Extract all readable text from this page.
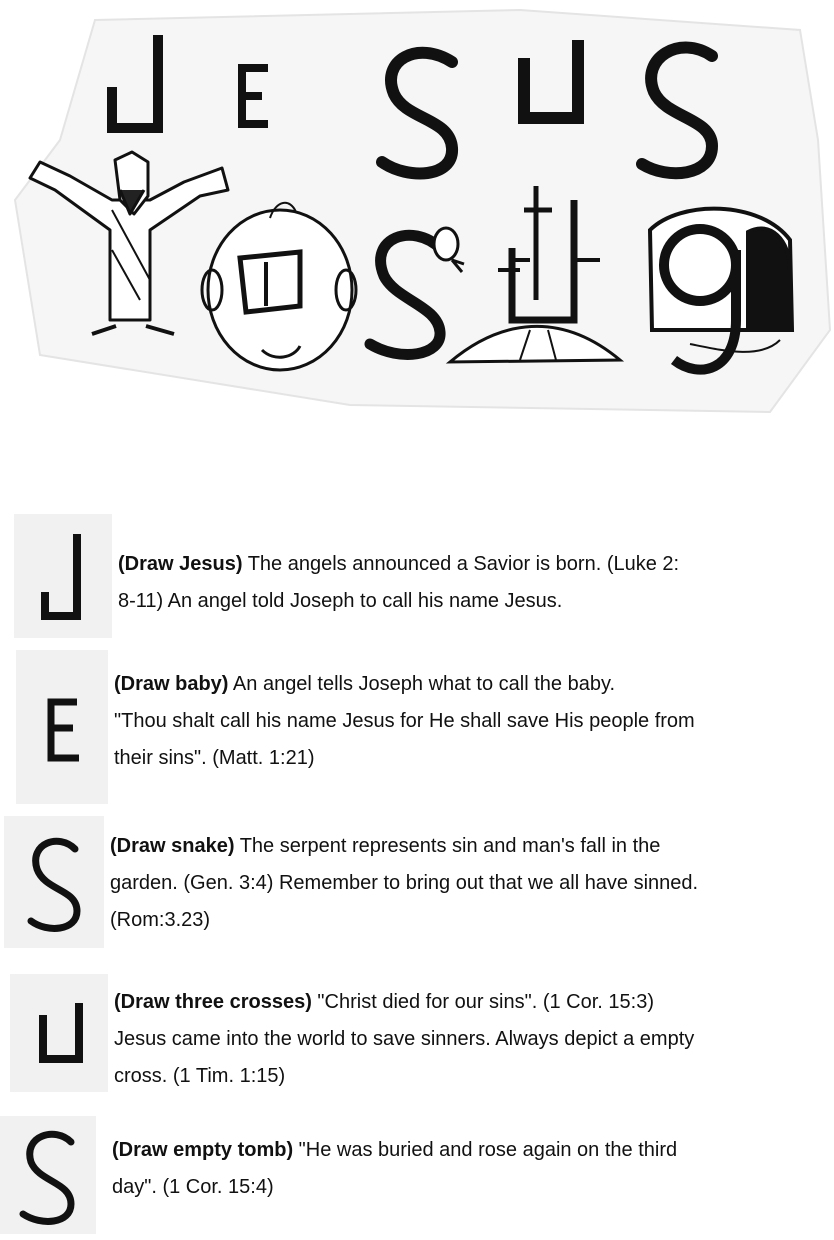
(Draw Jesus) The angels announced a Savior is born. (Luke 2:
8-11) An angel told Joseph to call his name Jesus.
(Draw baby) An angel tells Joseph what to call the baby.
"Thou shalt call his name Jesus for He shall save His people from
their sins". (Matt. 1:21)
(Draw snake) The serpent represents sin and man's fall in the
garden. (Gen. 3:4) Remember to bring out that we all have sinned.
(Rom:3.23)
(Draw three crosses) "Christ died for our sins". (1 Cor. 15:3)
Jesus came into the world to save sinners. Always depict a empty
cross. (1 Tim. 1:15)
(Draw empty tomb) "He was buried and rose again on the third
day". (1 Cor. 15:4)
